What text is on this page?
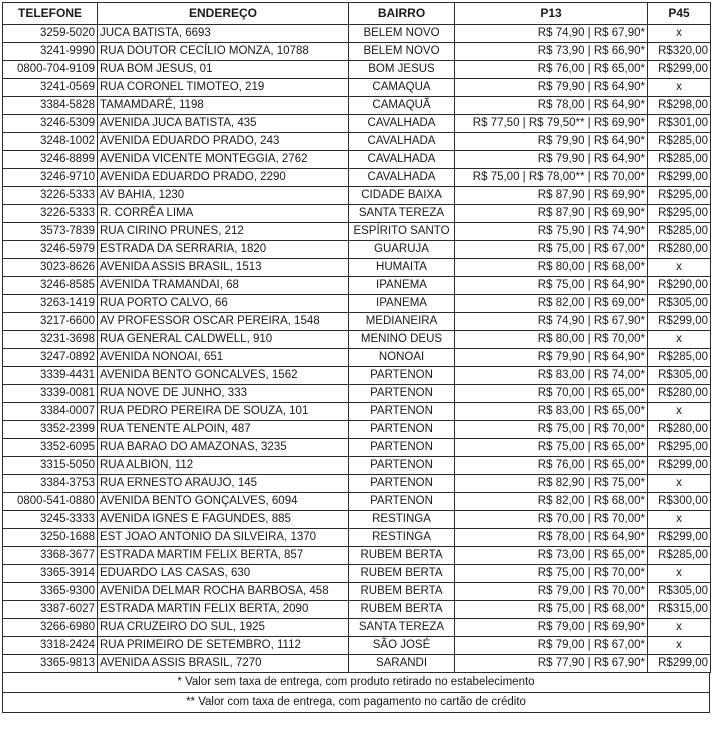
TELEFONE	ENDEREÇO	BAIRRO	P13	P45
3259-5020	JUCA BATISTA, 6693	BELEM NOVO	R$ 74,90 | R$ 67,90*	x
3241-9990	RUA DOUTOR CECÍLIO MONZA, 10788	BELEM NOVO	R$ 73,90 | R$ 66,90*	R$320,00
0800-704-9109	RUA BOM JESUS, 01	BOM JESUS	R$ 76,00 | R$ 65,00*	R$299,00
3241-0569	RUA CORONEL TIMOTEO, 219	CAMAQUA	R$ 79,90 | R$ 64,90*	x
3384-5828	TAMAMDARÉ, 1198	CAMAQUÃ	R$ 78,00 | R$ 64,90*	R$298,00
3246-5309	AVENIDA JUCA BATISTA, 435	CAVALHADA	R$ 77,50 | R$ 79,50** | R$ 69,90*	R$301,00
3248-1002	AVENIDA EDUARDO PRADO, 243	CAVALHADA	R$ 79,90 | R$ 64,90*	R$285,00
3246-8899	AVENIDA VICENTE MONTEGGIA, 2762	CAVALHADA	R$ 79,90 | R$ 64,90*	R$285,00
3246-9710	AVENIDA EDUARDO PRADO, 2290	CAVALHADA	R$ 75,00 | R$ 78,00** | R$ 70,00*	R$299,00
3226-5333	AV BAHIA, 1230	CIDADE BAIXA	R$ 87,90 | R$ 69,90*	R$295,00
3226-5333	R. CORRÊA LIMA	SANTA TEREZA	R$ 87,90 | R$ 69,90*	R$295,00
3573-7839	RUA CIRINO PRUNES, 212	ESPÍRITO SANTO	R$ 75,90 | R$ 74,90*	R$285,00
3246-5979	ESTRADA DA SERRARIA, 1820	GUARUJA	R$ 75,00 | R$ 67,00*	R$280,00
3023-8626	AVENIDA ASSIS BRASIL, 1513	HUMAITA	R$ 80,00 | R$ 68,00*	x
3246-8585	AVENIDA TRAMANDAI, 68	IPANEMA	R$ 75,00 | R$ 64,90*	R$290,00
3263-1419	RUA PORTO CALVO, 66	IPANEMA	R$ 82,00 | R$ 69,00*	R$305,00
3217-6600	AV PROFESSOR OSCAR PEREIRA, 1548	MEDIANEIRA	R$ 74,90 | R$ 67,90*	R$299,00
3231-3698	RUA GENERAL CALDWELL, 910	MENINO DEUS	R$ 80,00 | R$ 70,00*	x
3247-0892	AVENIDA NONOAI, 651	NONOAI	R$ 79,90 | R$ 64,90*	R$285,00
3339-4431	AVENIDA BENTO GONCALVES, 1562	PARTENON	R$ 83,00 | R$ 74,00*	R$305,00
3339-0081	RUA NOVE DE JUNHO, 333	PARTENON	R$ 70,00 | R$ 65,00*	R$280,00
3384-0007	RUA PEDRO PEREIRA DE SOUZA, 101	PARTENON	R$ 83,00 | R$ 65,00*	x
3352-2399	RUA TENENTE ALPOIN, 487	PARTENON	R$ 75,00 | R$ 70,00*	R$280,00
3352-6095	RUA BARAO DO AMAZONAS, 3235	PARTENON	R$ 75,00 | R$ 65,00*	R$295,00
3315-5050	RUA ALBION, 112	PARTENON	R$ 76,00 | R$ 65,00*	R$299,00
3384-3753	RUA ERNESTO ARAUJO, 145	PARTENON	R$ 82,90 | R$ 75,00*	x
0800-541-0880	AVENIDA BENTO GONÇALVES, 6094	PARTENON	R$ 82,00 | R$ 68,00*	R$300,00
3245-3333	AVENIDA IGNES E FAGUNDES, 885	RESTINGA	R$ 70,00 | R$ 70,00*	x
3250-1688	EST JOAO ANTONIO DA SILVEIRA, 1370	RESTINGA	R$ 78,00 | R$ 64,90*	R$299,00
3368-3677	ESTRADA MARTIM FELIX BERTA, 857	RUBEM BERTA	R$ 73,00 | R$ 65,00*	R$285,00
3365-3914	EDUARDO LAS CASAS, 630	RUBEM BERTA	R$ 75,00 | R$ 70,00*	x
3365-9300	AVENIDA DELMAR ROCHA BARBOSA, 458	RUBEM BERTA	R$ 79,00 | R$ 70,00*	R$305,00
3387-6027	ESTRADA MARTIN FELIX BERTA, 2090	RUBEM BERTA	R$ 75,00 | R$ 68,00*	R$315,00
3266-6980	RUA CRUZEIRO DO SUL, 1925	SANTA TEREZA	R$ 79,00 | R$ 69,90*	x
3318-2424	RUA PRIMEIRO DE SETEMBRO, 1112	SÃO JOSÉ	R$ 79,00 | R$ 67,00*	x
3365-9813	AVENIDA ASSIS BRASIL, 7270	SARANDI	R$ 77,90 | R$ 67,90*	R$299,00
* Valor sem taxa de entrega, com produto retirado no estabelecimento
** Valor com taxa de entrega, com pagamento no cartão de crédito
